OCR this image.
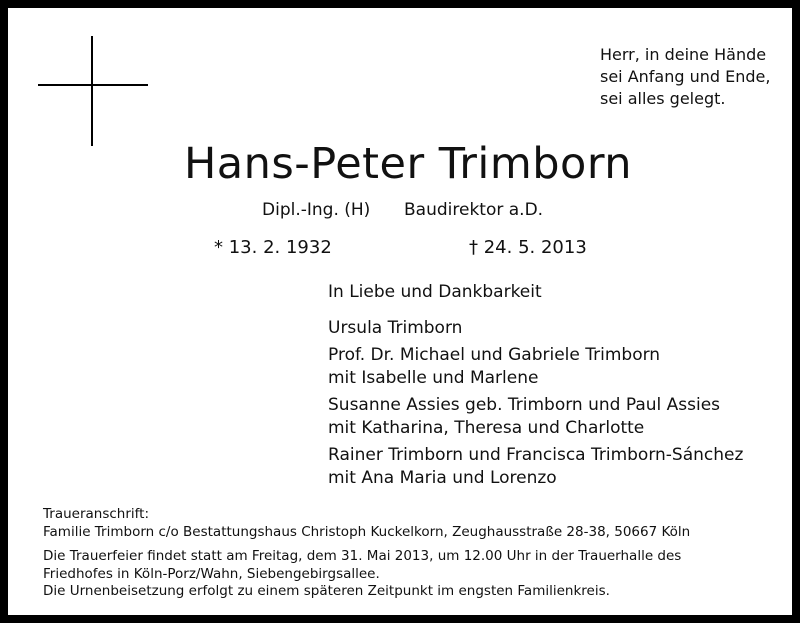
Herr, in deine Hände
sei Anfang und Ende,
sei alles gelegt.
Hans-Peter Trimborn
Dipl.-Ing. (H) Baudirektor a.D.
* 13. 2. 1932	† 24. 5. 2013
In Liebe und Dankbarkeit
Ursula Trimborn
Prof. Dr. Michael und Gabriele Trimborn
mit Isabelle und Marlene
Susanne Assies geb. Trimborn und Paul Assies
mit Katharina, Theresa und Charlotte
Rainer Trimborn und Francisca Trimborn-Sánchez
mit Ana Maria und Lorenzo
Traueranschrift:
Familie Trimborn c/o Bestattungshaus Christoph Kuckelkorn, Zeughausstraße 28-38, 50667 Köln
Die Trauerfeier findet statt am Freitag, dem 31. Mai 2013, um 12.00 Uhr in der Trauerhalle des
Friedhofes in Köln-Porz/Wahn, Siebengebirgsallee.
Die Urnenbeisetzung erfolgt zu einem späteren Zeitpunkt im engsten Familienkreis.
